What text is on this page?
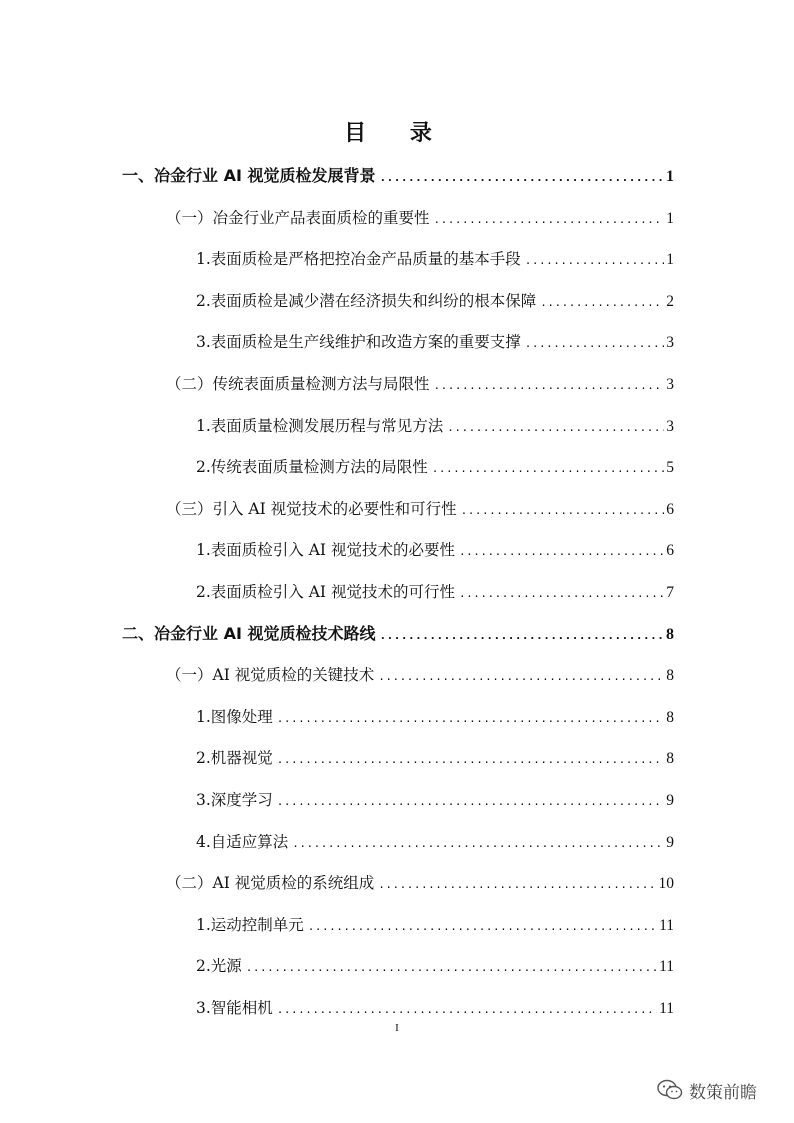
目 录
一、冶金行业 AI 视觉质检发展背景 .....	1
（一）冶金行业产品表面质检的重要性 .....	1
1.表面质检是严格把控冶金产品质量的基本手段 .....	1
2.表面质检是减少潜在经济损失和纠纷的根本保障 .....	2
3.表面质检是生产线维护和改造方案的重要支撑 .....	3
（二）传统表面质量检测方法与局限性 .....	3
1.表面质量检测发展历程与常见方法 .....	3
2.传统表面质量检测方法的局限性 .....	5
（三）引入 AI 视觉技术的必要性和可行性 .....	6
1.表面质检引入 AI 视觉技术的必要性 .....	6
2.表面质检引入 AI 视觉技术的可行性 .....	7
二、冶金行业 AI 视觉质检技术路线 .....	8
（一）AI 视觉质检的关键技术 .....	8
1.图像处理 .....	8
2.机器视觉 .....	8
3.深度学习 .....	9
4.自适应算法 .....	9
（二）AI 视觉质检的系统组成 .....	10
1.运动控制单元 .....	11
2.光源 .....	11
3.智能相机 .....	11
I
数策前瞻
